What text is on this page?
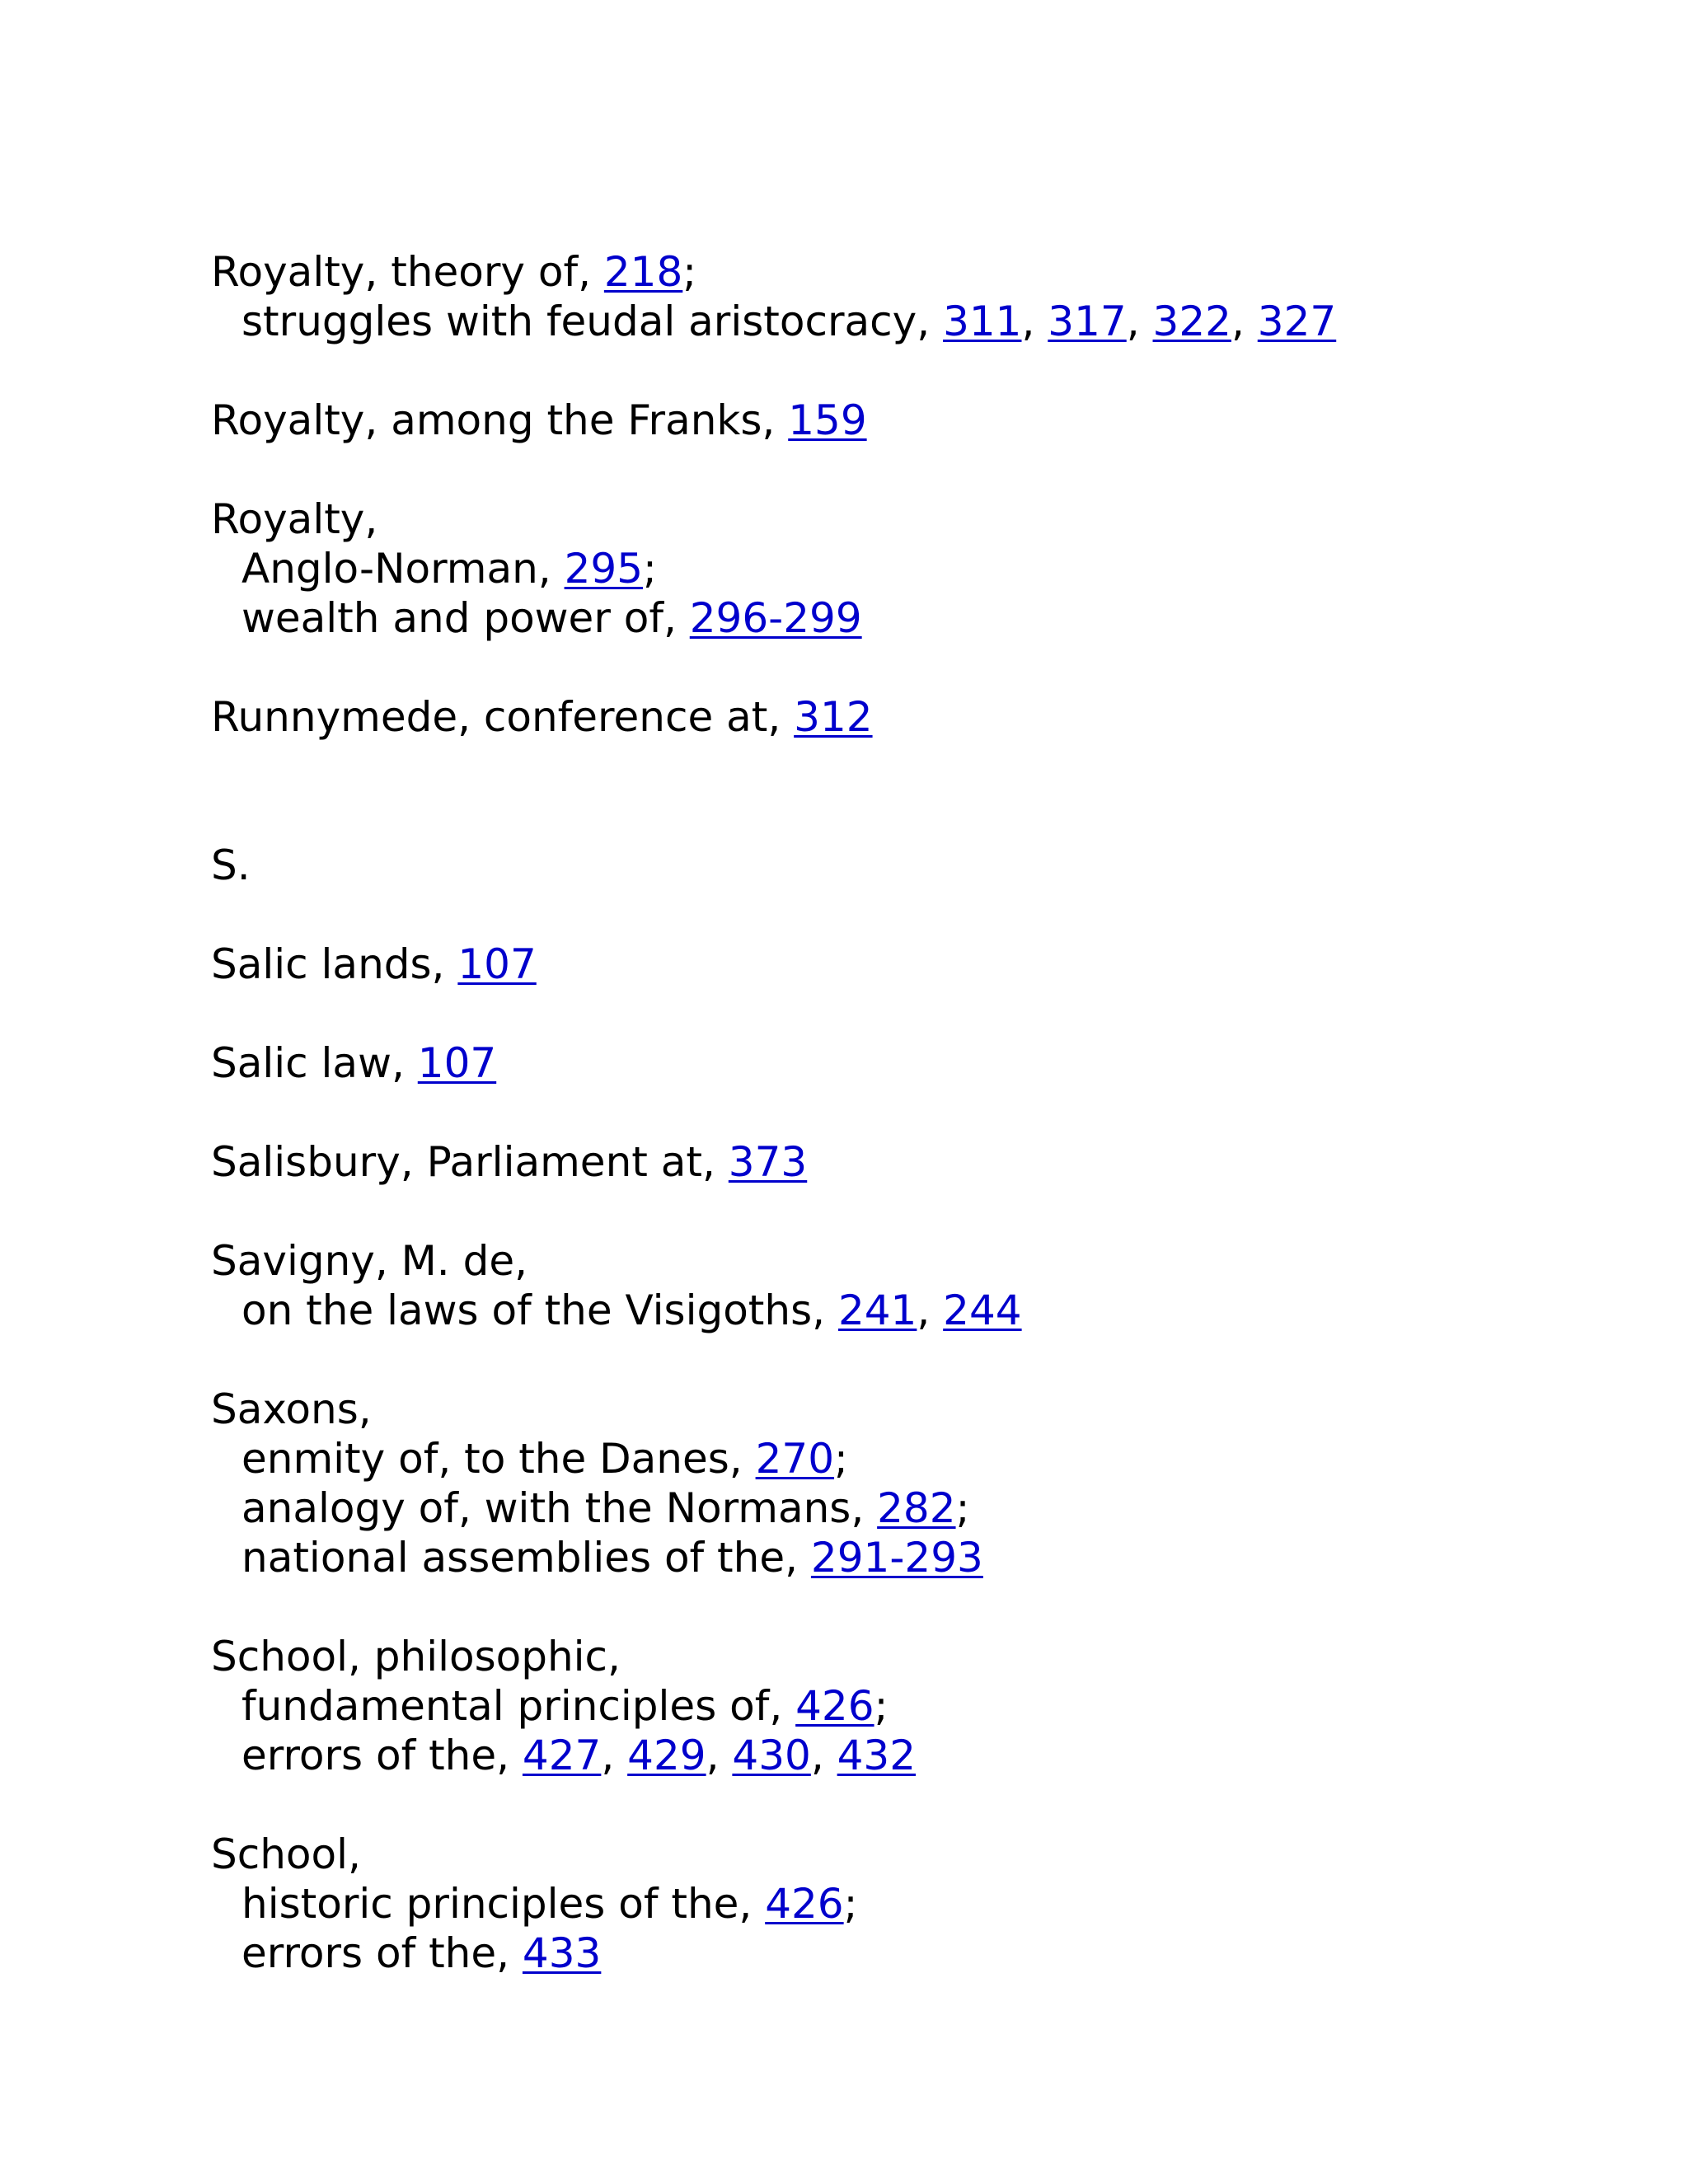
Royalty, theory of, 218;
struggles with feudal aristocracy, 311, 317, 322, 327
Royalty, among the Franks, 159
Royalty,
Anglo-Norman, 295;
wealth and power of, 296-299
Runnymede, conference at, 312
S.
Salic lands, 107
Salic law, 107
Salisbury, Parliament at, 373
Savigny, M. de,
on the laws of the Visigoths, 241, 244
Saxons,
enmity of, to the Danes, 270;
analogy of, with the Normans, 282;
national assemblies of the, 291-293
School, philosophic,
fundamental principles of, 426;
errors of the, 427, 429, 430, 432
School,
historic principles of the, 426;
errors of the, 433
